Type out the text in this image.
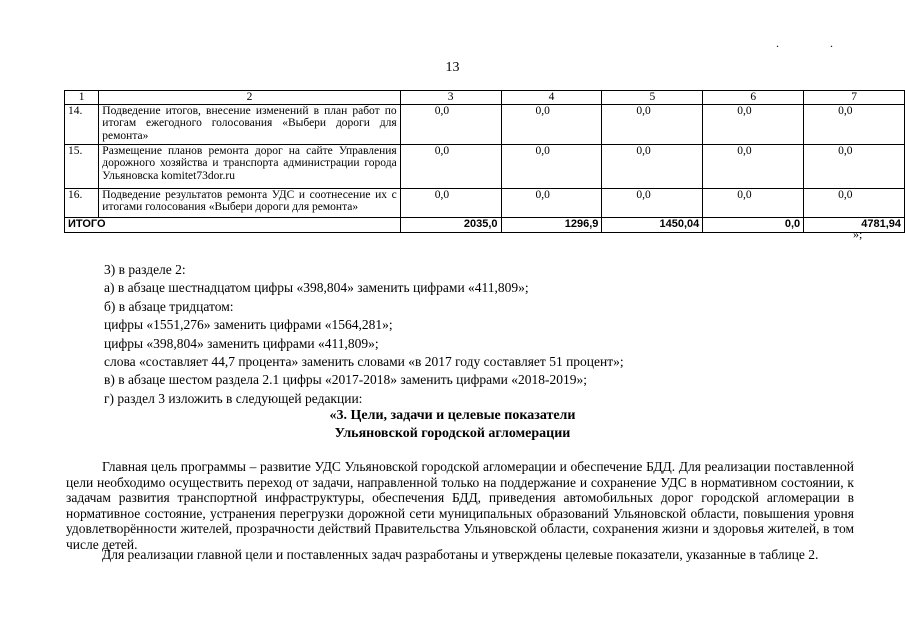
. .
13
1	2	3	4	5	6	7
14.	Подведение итогов, внесение изменений в план работ по итогам ежегодного голосования «Выбери дороги для ремонта»	0,0	0,0	0,0	0,0	0,0
15.	Размещение планов ремонта дорог на сайте Управления дорожного хозяйства и транспорта администрации города Ульяновска komitet73dor.ru	0,0	0,0	0,0	0,0	0,0
16.	Подведение результатов ремонта УДС и соотнесение их с итогами голосования «Выбери дороги для ремонта»	0,0	0,0	0,0	0,0	0,0
ИТОГО		2035,0	1296,9	1450,04	0,0	4781,94
»;
3) в разделе 2:
а) в абзаце шестнадцатом цифры «398,804» заменить цифрами «411,809»;
б) в абзаце тридцатом:
цифры «1551,276» заменить цифрами «1564,281»;
цифры «398,804» заменить цифрами «411,809»;
слова «составляет 44,7 процента» заменить словами «в 2017 году составляет 51 процент»;
в) в абзаце шестом раздела 2.1 цифры «2017-2018» заменить цифрами «2018-2019»;
г) раздел 3 изложить в следующей редакции:
«3. Цели, задачи и целевые показатели
Ульяновской городской агломерации
Главная цель программы – развитие УДС Ульяновской городской агломерации и обеспечение БДД. Для реализации поставленной цели необходимо осуществить переход от задачи, направленной только на поддержание и сохранение УДС в нормативном состоянии, к задачам развития транспортной инфраструктуры, обеспечения БДД, приведения автомобильных дорог городской агломерации в нормативное состояние, устранения перегрузки дорожной сети муниципальных образований Ульяновской области, повышения уровня удовлетворённости жителей, прозрачности действий Правительства Ульяновской области, сохранения жизни и здоровья жителей, в том числе детей.
Для реализации главной цели и поставленных задач разработаны и утверждены целевые показатели, указанные в таблице 2.
